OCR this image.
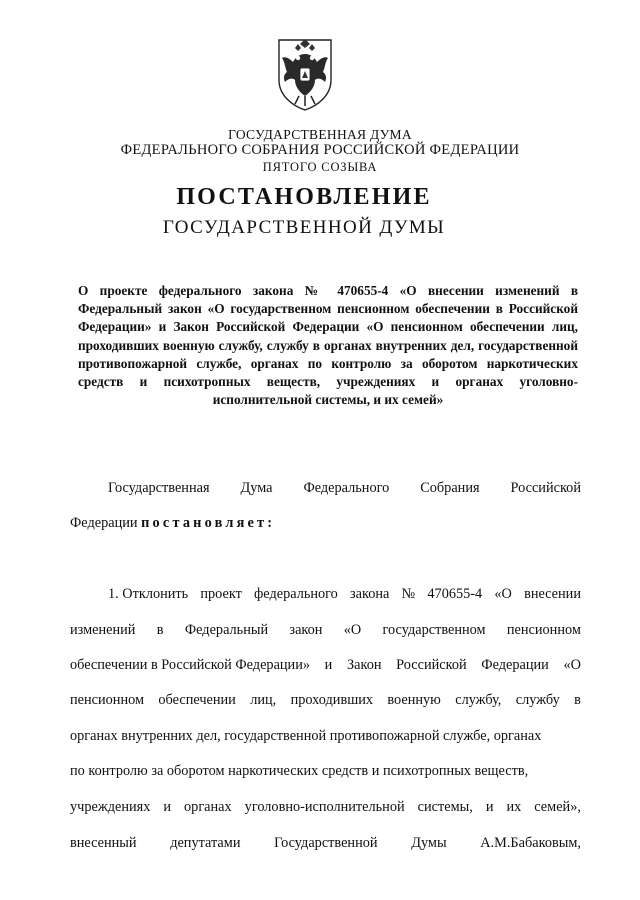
ГОСУДАРСТВЕННАЯ ДУМА
ФЕДЕРАЛЬНОГО СОБРАНИЯ РОССИЙСКОЙ ФЕДЕРАЦИИ
ПЯТОГО СОЗЫВА
ПОСТАНОВЛЕНИЕ
ГОСУДАРСТВЕННОЙ ДУМЫ
О проекте федерального закона № 470655-4 «О внесении изменений в Федеральный закон «О государственном пенсионном обеспечении в Российской Федерации» и Закон Российской Федерации «О пенсионном обеспечении лиц, проходивших военную службу, службу в органах внутренних дел, государственной противопожарной службе, органах по контролю за оборотом наркотических средств и психотропных веществ, учреждениях и органах уголовно-исполнительной системы, и их семей»
Государственная Дума Федерального Собрания Российской
Федерации постановляет:
1. Отклонить проект федерального закона № 470655-4 «О внесении
изменений в Федеральный закон «О государственном пенсионном
обеспечении в Российской Федерации» и Закон Российской Федерации «О
пенсионном обеспечении лиц, проходивших военную службу, службу в
органах внутренних дел, государственной противопожарной службе, органах
по контролю за оборотом наркотических средств и психотропных веществ,
учреждениях и органах уголовно-исполнительной системы, и их семей»,
внесенный депутатами Государственной Думы А.М.Бабаковым,
